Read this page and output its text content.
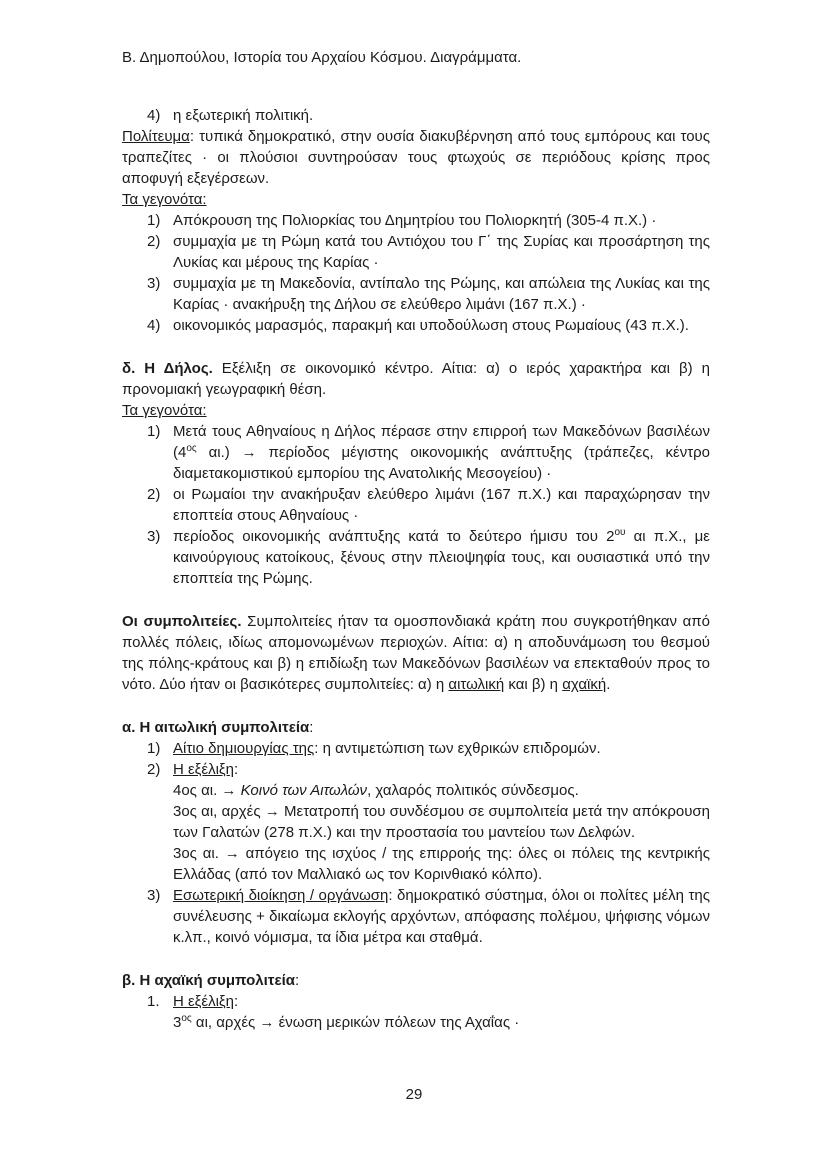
Β. Δημοπούλου, Ιστορία του Αρχαίου Κόσμου. Διαγράμματα.

4) η εξωτερική πολιτική.

Πολίτευμα: τυπικά δημοκρατικό, στην ουσία διακυβέρνηση από τους εμπόρους και τους τραπεζίτες · οι πλούσιοι συντηρούσαν τους φτωχούς σε περιόδους κρίσης προς αποφυγή εξεγέρσεων.

Τα γεγονότα:

1) Απόκρουση της Πολιορκίας του Δημητρίου του Πολιορκητή (305-4 π.Χ.) ·
2) συμμαχία με τη Ρώμη κατά του Αντιόχου του Γ΄ της Συρίας και προσάρτηση της Λυκίας και μέρους της Καρίας ·
3) συμμαχία με τη Μακεδονία, αντίπαλο της Ρώμης, και απώλεια της Λυκίας και της Καρίας · ανακήρυξη της Δήλου σε ελεύθερο λιμάνι (167 π.Χ.) ·
4) οικονομικός μαρασμός, παρακμή και υποδούλωση στους Ρωμαίους (43 π.Χ.).

δ. Η Δήλος. Εξέλιξη σε οικονομικό κέντρο. Αίτια: α) ο ιερός χαρακτήρα και β) η προνομιακή γεωγραφική θέση.

Τα γεγονότα:

1) Μετά τους Αθηναίους η Δήλος πέρασε στην επιρροή των Μακεδόνων βασιλέων ($4^{o\varsigma}$ αι.) → περίοδος μέγιστης οικονομικής ανάπτυξης (τράπεζες, κέντρο διαμετακομιστικού εμπορίου της Ανατολικής Μεσογείου) ·
2) οι Ρωμαίοι την ανακήρυξαν ελεύθερο λιμάνι (167 π.Χ.) και παραχώρησαν την εποπτεία στους Αθηναίους ·
3) περίοδος οικονομικής ανάπτυξης κατά το δεύτερο ήμισυ του $2^{o\upsilon}$ αι π.Χ., με καινούργιους κατοίκους, ξένους στην πλειοψηφία τους, και ουσιαστικά υπό την εποπτεία της Ρώμης.

Οι συμπολιτείες. Συμπολιτείες ήταν τα ομοσπονδιακά κράτη που συγκροτήθηκαν από πολλές πόλεις, ιδίως απομονωμένων περιοχών. Αίτια: α) η αποδυνάμωση του θεσμού της πόλης-κράτους και β) η επιδίωξη των Μακεδόνων βασιλέων να επεκταθούν προς το νότο. Δύο ήταν οι βασικότερες συμπολιτείες: α) η αιτωλική και β) η αχαϊκή.

α. Η αιτωλική συμπολιτεία:

1) Αίτιο δημιουργίας της: η αντιμετώπιση των εχθρικών επιδρομών.
2) Η εξέλιξη:

4ος αι. → Κοινό των Αιτωλών, χαλαρός πολιτικός σύνδεσμος.

3ος αι, αρχές → Μετατροπή του συνδέσμου σε συμπολιτεία μετά την απόκρουση των Γαλατών (278 π.Χ.) και την προστασία του μαντείου των Δελφών.

3ος αι. → απόγειο της ισχύος / της επιρροής της: όλες οι πόλεις της κεντρικής Ελλάδας (από τον Μαλλιακό ως τον Κορινθιακό κόλπο).

3) Εσωτερική διοίκηση / οργάνωση: δημοκρατικό σύστημα, όλοι οι πολίτες μέλη της συνέλευσης + δικαίωμα εκλογής αρχόντων, απόφασης πολέμου, ψήφισης νόμων κ.λπ., κοινό νόμισμα, τα ίδια μέτρα και σταθμά.

β. Η αχαϊκή συμπολιτεία:

1. Η εξέλιξη:

$3^{o\varsigma}$ αι, αρχές → ένωση μερικών πόλεων της Αχαΐας ·

29
